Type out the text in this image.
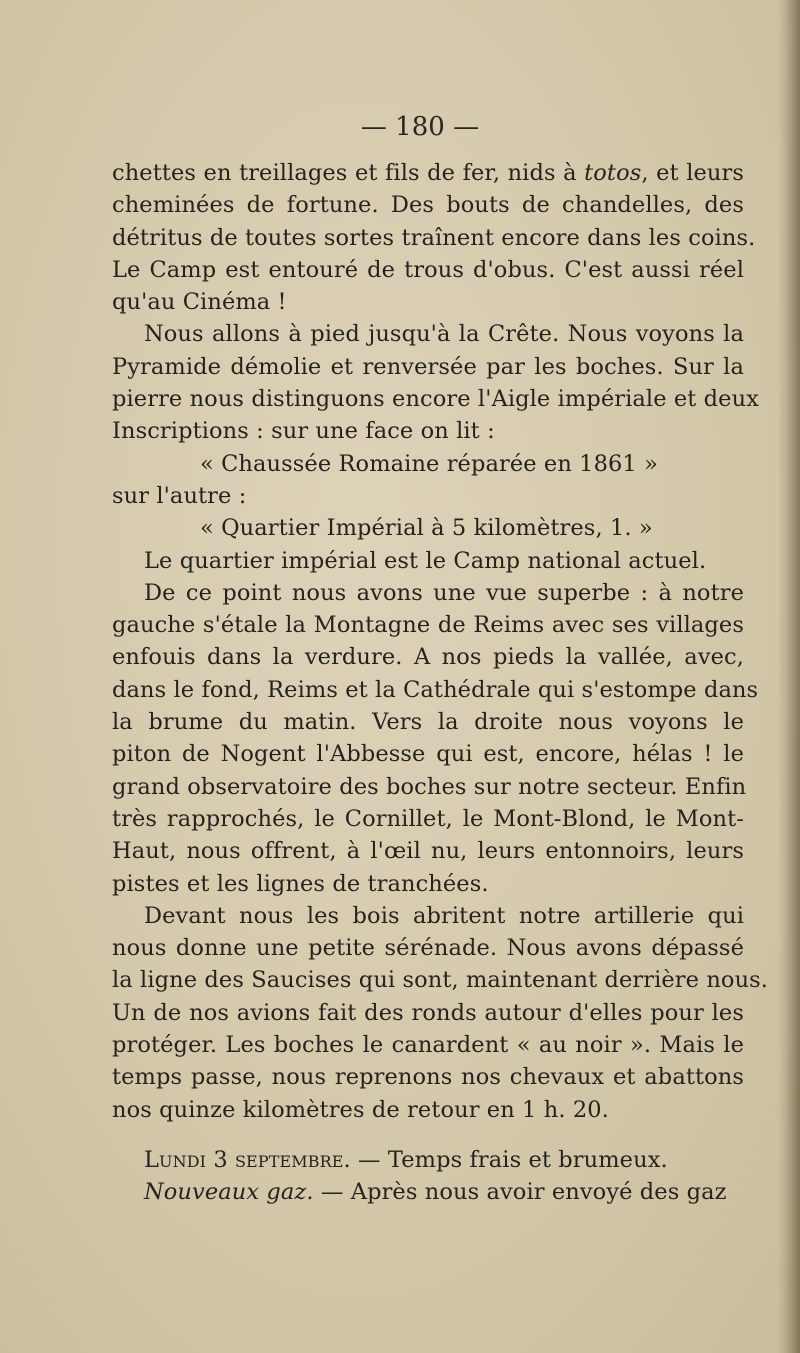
— 180 —
chettes en treillages et fils de fer, nids à totos, et leurs
cheminées de fortune. Des bouts de chandelles, des
détritus de toutes sortes traînent encore dans les coins.
Le Camp est entouré de trous d'obus. C'est aussi réel
qu'au Cinéma !
Nous allons à pied jusqu'à la Crête. Nous voyons la
Pyramide démolie et renversée par les boches. Sur la
pierre nous distinguons encore l'Aigle impériale et deux
Inscriptions : sur une face on lit :
« Chaussée Romaine réparée en 1861 »
sur l'autre :
« Quartier Impérial à 5 kilomètres, 1. »
Le quartier impérial est le Camp national actuel.
De ce point nous avons une vue superbe : à notre
gauche s'étale la Montagne de Reims avec ses villages
enfouis dans la verdure. A nos pieds la vallée, avec,
dans le fond, Reims et la Cathédrale qui s'estompe dans
la brume du matin. Vers la droite nous voyons le
piton de Nogent l'Abbesse qui est, encore, hélas ! le
grand observatoire des boches sur notre secteur. Enfin
très rapprochés, le Cornillet, le Mont-Blond, le Mont-
Haut, nous offrent, à l'œil nu, leurs entonnoirs, leurs
pistes et les lignes de tranchées.
Devant nous les bois abritent notre artillerie qui
nous donne une petite sérénade. Nous avons dépassé
la ligne des Saucises qui sont, maintenant derrière nous.
Un de nos avions fait des ronds autour d'elles pour les
protéger. Les boches le canardent « au noir ». Mais le
temps passe, nous reprenons nos chevaux et abattons
nos quinze kilomètres de retour en 1 h. 20.
Lundi 3 septembre. — Temps frais et brumeux.
Nouveaux gaz. — Après nous avoir envoyé des gaz
